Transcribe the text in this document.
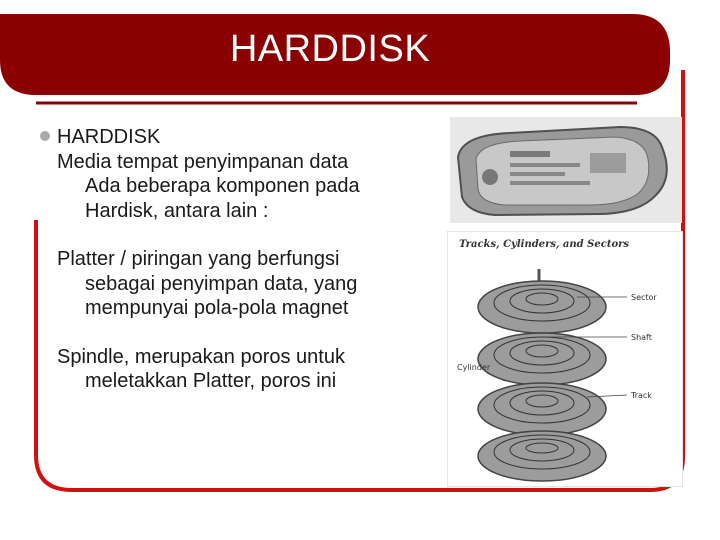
HARDDISK
HARDDISK
Media tempat penyimpanan data
Ada beberapa komponen pada
Hardisk, antara lain :
Platter / piringan yang berfungsi
sebagai penyimpan data, yang
mempunyai pola-pola magnet
Spindle, merupakan poros untuk
meletakkan Platter, poros ini
Tracks, Cylinders, and Sectors
Sector
Shaft
Cylinder
Track
